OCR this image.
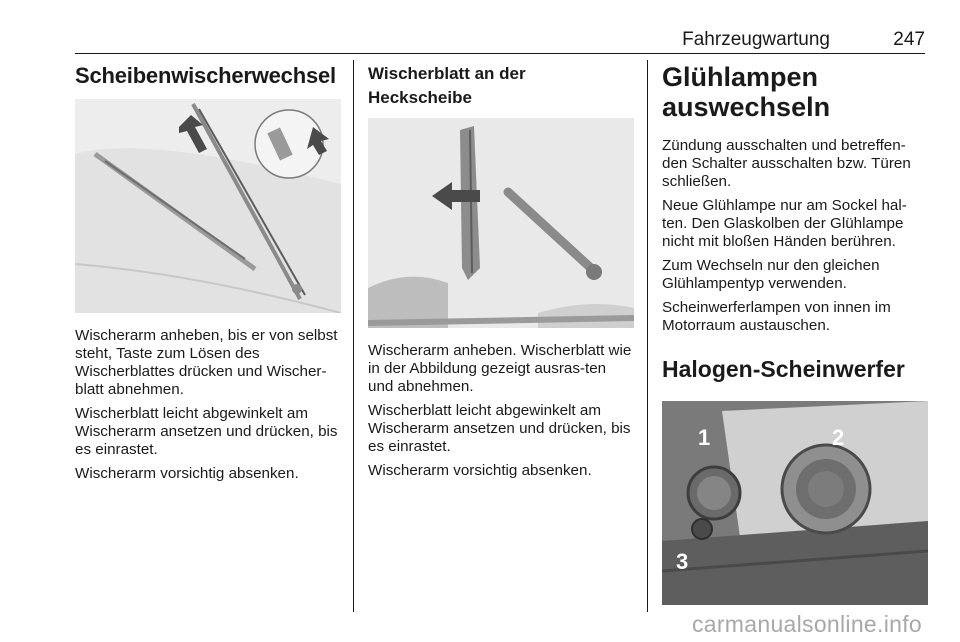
Fahrzeugwartung	247
Scheibenwischerwechsel

Wischerarm anheben, bis er von selbst steht, Taste zum Lösen des Wischerblattes drücken und Wischer-blatt abnehmen.

Wischerblatt leicht abgewinkelt am Wischerarm ansetzen und drücken, bis es einrastet.

Wischerarm vorsichtig absenken.

Wischerblatt an der Heckscheibe

Wischerarm anheben. Wischerblatt wie in der Abbildung gezeigt ausras-ten und abnehmen.

Wischerblatt leicht abgewinkelt am Wischerarm ansetzen und drücken, bis es einrastet.

Wischerarm vorsichtig absenken.

Glühlampen
auswechseln

Zündung ausschalten und betreffen-den Schalter ausschalten bzw. Türen schließen.

Neue Glühlampe nur am Sockel hal-ten. Den Glaskolben der Glühlampe nicht mit bloßen Händen berühren.

Zum Wechseln nur den gleichen Glühlampentyp verwenden.

Scheinwerferlampen von innen im Motorraum austauschen.

Halogen-Scheinwerfer
1	2
3
carmanualsonline.info
